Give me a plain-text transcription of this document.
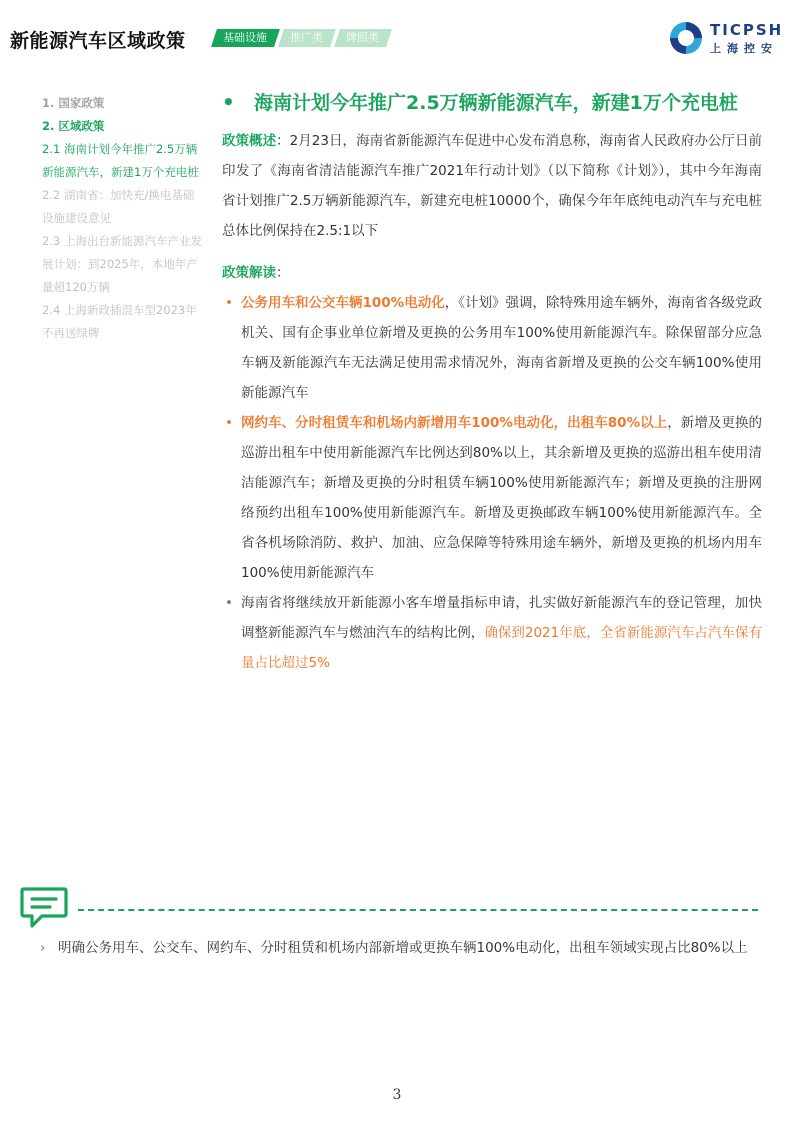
新能源汽车区域政策	基础设施	推广类	牌照类	TICPSH
上海控安
1. 国家政策
2. 区域政策
2.1 海南计划今年推广2.5万辆新能源汽车，新建1万个充电桩
2.2 湖南省：加快充/换电基础设施建设意见
2.3 上海出台新能源汽车产业发展计划：到2025年，本地年产量超120万辆
2.4 上海新政插混车型2023年不再送绿牌
• 海南计划今年推广2.5万辆新能源汽车，新建1万个充电桩
政策概述：2月23日，海南省新能源汽车促进中心发布消息称，海南省人民政府办公厅日前印发了《海南省清洁能源汽车推广2021年行动计划》（以下简称《计划》），其中今年海南省计划推广2.5万辆新能源汽车，新建充电桩10000个，确保今年年底纯电动汽车与充电桩总体比例保持在2.5:1以下
政策解读：
• 公务用车和公交车辆100%电动化，《计划》强调，除特殊用途车辆外，海南省各级党政机关、国有企事业单位新增及更换的公务用车100%使用新能源汽车。除保留部分应急车辆及新能源汽车无法满足使用需求情况外，海南省新增及更换的公交车辆100%使用新能源汽车
• 网约车、分时租赁车和机场内新增用车100%电动化，出租车80%以上，新增及更换的巡游出租车中使用新能源汽车比例达到80%以上，其余新增及更换的巡游出租车使用清洁能源汽车；新增及更换的分时租赁车辆100%使用新能源汽车；新增及更换的注册网络预约出租车100%使用新能源汽车。新增及更换邮政车辆100%使用新能源汽车。全省各机场除消防、救护、加油、应急保障等特殊用途车辆外，新增及更换的机场内用车100%使用新能源汽车
• 海南省将继续放开新能源小客车增量指标申请，扎实做好新能源汽车的登记管理，加快调整新能源汽车与燃油汽车的结构比例，确保到2021年底，全省新能源汽车占汽车保有量占比超过5%
› 明确公务用车、公交车、网约车、分时租赁和机场内部新增或更换车辆100%电动化，出租车领域实现占比80%以上
3
